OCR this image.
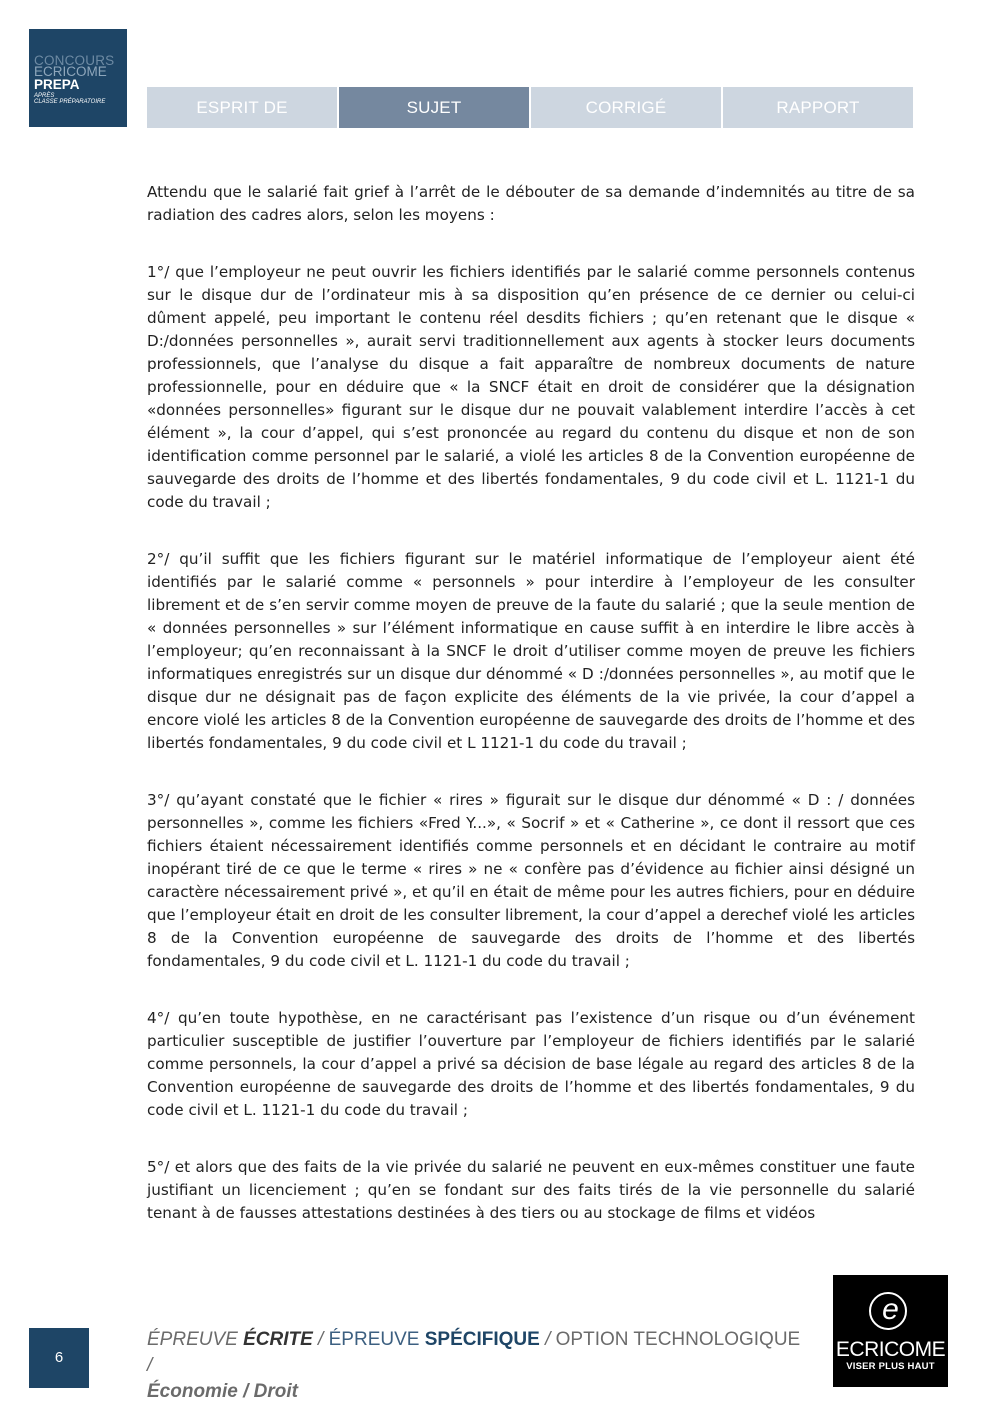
CONCOURS
ECRICOME
PREPA
APRÈS
CLASSE PRÉPARATOIRE	ESPRIT DE L’ÉPREUVE
SUJET	CORRIGÉ	RAPPORT

Attendu que le salarié fait grief à l’arrêt de le débouter de sa demande d’indemnités au titre de sa radiation des cadres alors, selon les moyens :

1°/ que l’employeur ne peut ouvrir les fichiers identifiés par le salarié comme personnels contenus sur le disque dur de l’ordinateur mis à sa disposition qu’en présence de ce dernier ou celui-ci dûment appelé, peu important le contenu réel desdits fichiers ; qu’en retenant que le disque « D:/données personnelles », aurait servi traditionnellement aux agents à stocker leurs documents professionnels, que l’analyse du disque a fait apparaître de nombreux documents de nature professionnelle, pour en déduire que « la SNCF était en droit de considérer que la désignation «données personnelles» figurant sur le disque dur ne pouvait valablement interdire l’accès à cet élément », la cour d’appel, qui s’est prononcée au regard du contenu du disque et non de son identification comme personnel par le salarié, a violé les articles 8 de la Convention européenne de sauvegarde des droits de l’homme et des libertés fondamentales, 9 du code civil et L. 1121-1 du code du travail ;

2°/ qu’il suffit que les fichiers figurant sur le matériel informatique de l’employeur aient été identifiés par le salarié comme « personnels » pour interdire à l’employeur de les consulter librement et de s’en servir comme moyen de preuve de la faute du salarié ; que la seule mention de « données personnelles » sur l’élément informatique en cause suffit à en interdire le libre accès à l’employeur; qu’en reconnaissant à la SNCF le droit d’utiliser comme moyen de preuve les fichiers informatiques enregistrés sur un disque dur dénommé « D :/données personnelles », au motif que le disque dur ne désignait pas de façon explicite des éléments de la vie privée, la cour d’appel a encore violé les articles 8 de la Convention européenne de sauvegarde des droits de l’homme et des libertés fondamentales, 9 du code civil et L 1121-1 du code du travail ;

3°/ qu’ayant constaté que le fichier « rires » figurait sur le disque dur dénommé « D : / données personnelles », comme les fichiers «Fred Y...», « Socrif » et « Catherine », ce dont il ressort que ces fichiers étaient nécessairement identifiés comme personnels et en décidant le contraire au motif inopérant tiré de ce que le terme « rires » ne « confère pas d’évidence au fichier ainsi désigné un caractère nécessairement privé », et qu’il en était de même pour les autres fichiers, pour en déduire que l’employeur était en droit de les consulter librement, la cour d’appel a derechef violé les articles 8 de la Convention européenne de sauvegarde des droits de l’homme et des libertés fondamentales, 9 du code civil et L. 1121-1 du code du travail ;

4°/ qu’en toute hypothèse, en ne caractérisant pas l’existence d’un risque ou d’un événement particulier susceptible de justifier l’ouverture par l’employeur de fichiers identifiés par le salarié comme personnels, la cour d’appel a privé sa décision de base légale au regard des articles 8 de la Convention européenne de sauvegarde des droits de l’homme et des libertés fondamentales, 9 du code civil et L. 1121-1 du code du travail ;

5°/ et alors que des faits de la vie privée du salarié ne peuvent en eux-mêmes constituer une faute justifiant un licenciement ; qu’en se fondant sur des faits tirés de la vie personnelle du salarié tenant à de fausses attestations destinées à des tiers ou au stockage de films et vidéos

6
ÉPREUVE ÉCRITE / ÉPREUVE SPÉCIFIQUE / OPTION TECHNOLOGIQUE /
Économie / Droit
e
ECRICOME
VISER PLUS HAUT
